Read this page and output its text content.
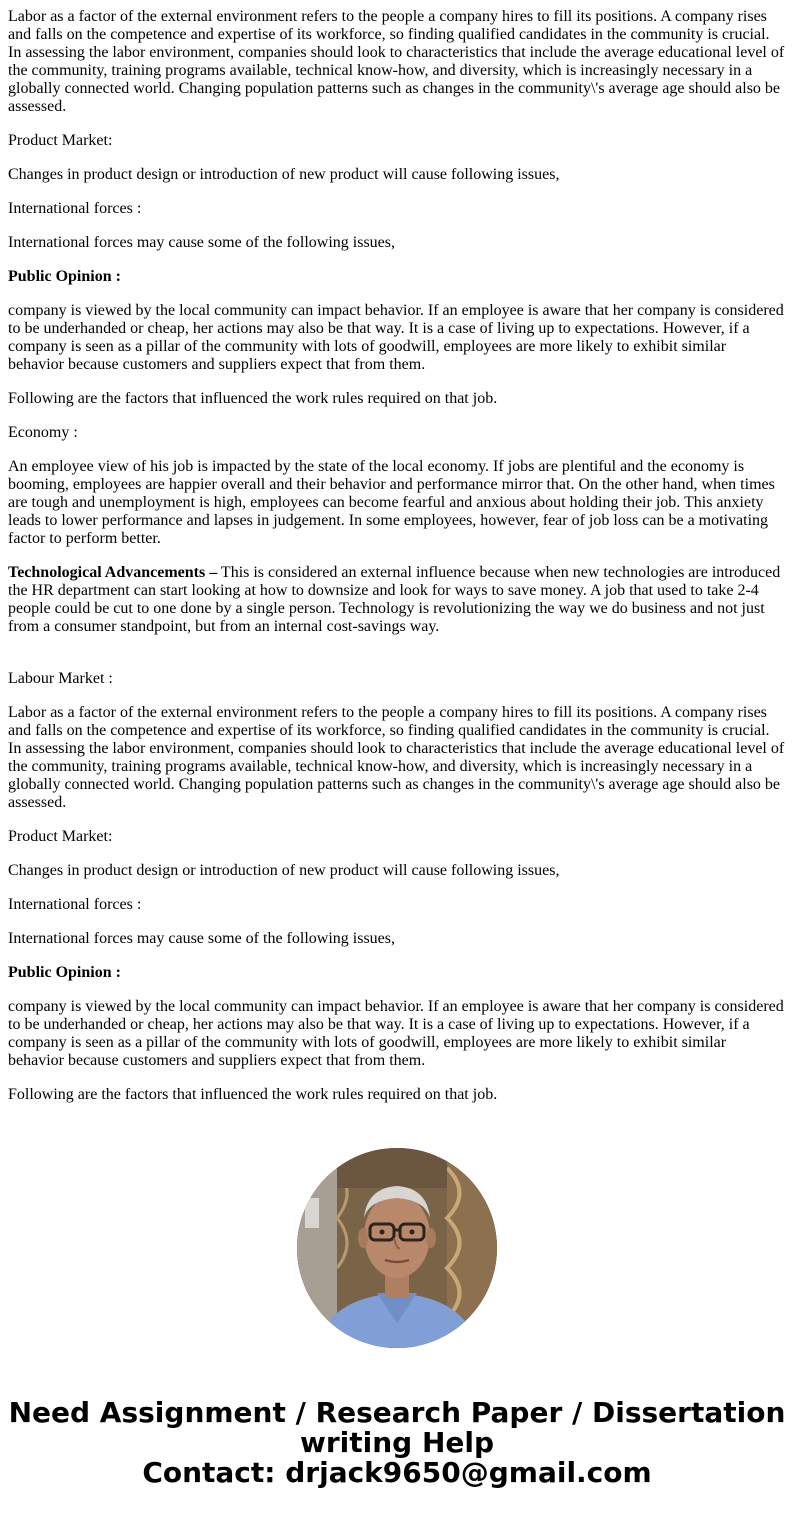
Labor as a factor of the external environment refers to the people a company hires to fill its positions. A company rises and falls on the competence and expertise of its workforce, so finding qualified candidates in the community is crucial. In assessing the labor environment, companies should look to characteristics that include the average educational level of the community, training programs available, technical know-how, and diversity, which is increasingly necessary in a globally connected world. Changing population patterns such as changes in the community\'s average age should also be assessed.

Product Market:

Changes in product design or introduction of new product will cause following issues,

International forces :

International forces may cause some of the following issues,

Public Opinion :

company is viewed by the local community can impact behavior. If an employee is aware that her company is considered to be underhanded or cheap, her actions may also be that way. It is a case of living up to expectations. However, if a company is seen as a pillar of the community with lots of goodwill, employees are more likely to exhibit similar behavior because customers and suppliers expect that from them.

Following are the factors that influenced the work rules required on that job.

Economy :

An employee view of his job is impacted by the state of the local economy. If jobs are plentiful and the economy is booming, employees are happier overall and their behavior and performance mirror that. On the other hand, when times are tough and unemployment is high, employees can become fearful and anxious about holding their job. This anxiety leads to lower performance and lapses in judgement. In some employees, however, fear of job loss can be a motivating factor to perform better.

Technological Advancements – This is considered an external influence because when new technologies are introduced the HR department can start looking at how to downsize and look for ways to save money. A job that used to take 2-4 people could be cut to one done by a single person. Technology is revolutionizing the way we do business and not just from a consumer standpoint, but from an internal cost-savings way.

Labour Market :

Labor as a factor of the external environment refers to the people a company hires to fill its positions. A company rises and falls on the competence and expertise of its workforce, so finding qualified candidates in the community is crucial. In assessing the labor environment, companies should look to characteristics that include the average educational level of the community, training programs available, technical know-how, and diversity, which is increasingly necessary in a globally connected world. Changing population patterns such as changes in the community\'s average age should also be assessed.

Product Market:

Changes in product design or introduction of new product will cause following issues,

International forces :

International forces may cause some of the following issues,

Public Opinion :

company is viewed by the local community can impact behavior. If an employee is aware that her company is considered to be underhanded or cheap, her actions may also be that way. It is a case of living up to expectations. However, if a company is seen as a pillar of the community with lots of goodwill, employees are more likely to exhibit similar behavior because customers and suppliers expect that from them.

Following are the factors that influenced the work rules required on that job.

Need Assignment / Research Paper / Dissertation
writing Help
Contact: drjack9650@gmail.com
